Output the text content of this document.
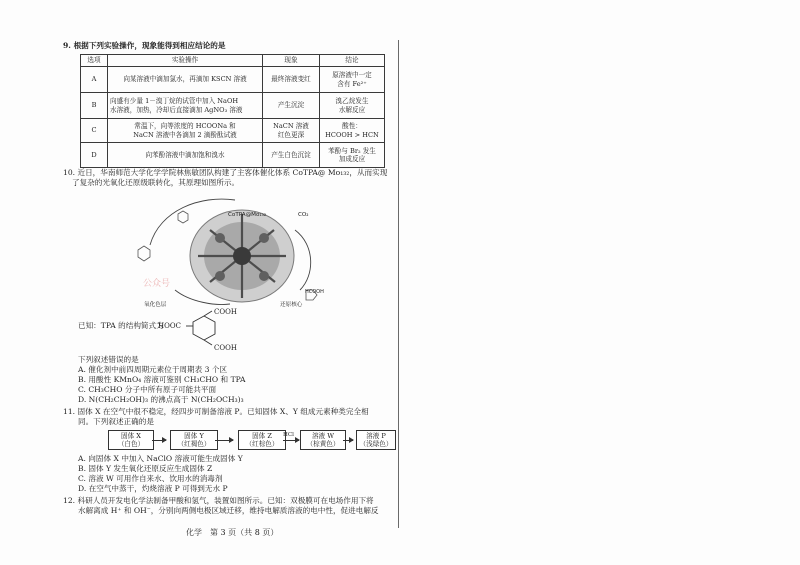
9. 根据下列实验操作，现象能得到相应结论的是
选项	实验操作	现象	结论
A	向某溶液中滴加氯水，再滴加 KSCN 溶液	最终溶液变红	原溶液中一定
含有 Fe²⁺
B	向盛有少量 1－溴丁烷的试管中加入 NaOH
水溶液，加热，冷却后直接滴加 AgNO₃ 溶液	产生沉淀	溴乙烷发生
水解反应
C	常温下，向等浓度的 HCOONa 和
NaCN 溶液中各滴加 2 滴酚酞试液	NaCN 溶液
红色更深	酸性：
HCOOH > HCN
D	向苯酚溶液中滴加饱和溴水	产生白色沉淀	苯酚与 Br₂ 发生
加成反应
10. 近日，华南师范大学化学学院林焦敏团队构建了主客体催化体系 CoTPA@ Mo₁₃₂，从而实现
了复杂的光氧化还原级联转化，其原理如图所示。
CoTPA@Mo₁₃₂	CO₂
HCOOH
氧化色层	还原核心
公众号
已知：TPA 的结构简式为
HOOC
COOH
COOH
下列叙述错误的是
A. 催化剂中前四周期元素位于周期表 3 个区
B. 用酸性 KMnO₄ 溶液可鉴别 CH₃CHO 和 TPA
C. CH₃CHO 分子中所有原子可能共平面
D. N(CH₂CH₂OH)₃ 的沸点高于 N(CH₂OCH₃)₃
11. 固体 X 在空气中很不稳定，经四步可制备溶液 P。已知固体 X、Y 组成元素种类完全相
同。下列叙述正确的是
固体 X
（白色）
固体 Y
（红褐色）
固体 Z
（红棕色）
HCl	溶液 W
（棕黄色）
A. 向固体 X 中加入 NaClO 溶液可能生成固体 Y
B. 固体 Y 发生氧化还原反应生成固体 Z
C. 溶液 W 可用作自来水、饮用水的消毒剂
D. 在空气中蒸干，灼烧溶液 P 可得到无水 P
12. 科研人员开发电化学法制备甲酸和氢气，装置如图所示。已知：双极膜可在电场作用下将
水解离成 H⁺ 和 OH⁻，分别向两侧电极区域迁移，维持电解质溶液的电中性，促进电解反
化学　第 3 页（共 8 页）
溶液 P
（浅绿色）
